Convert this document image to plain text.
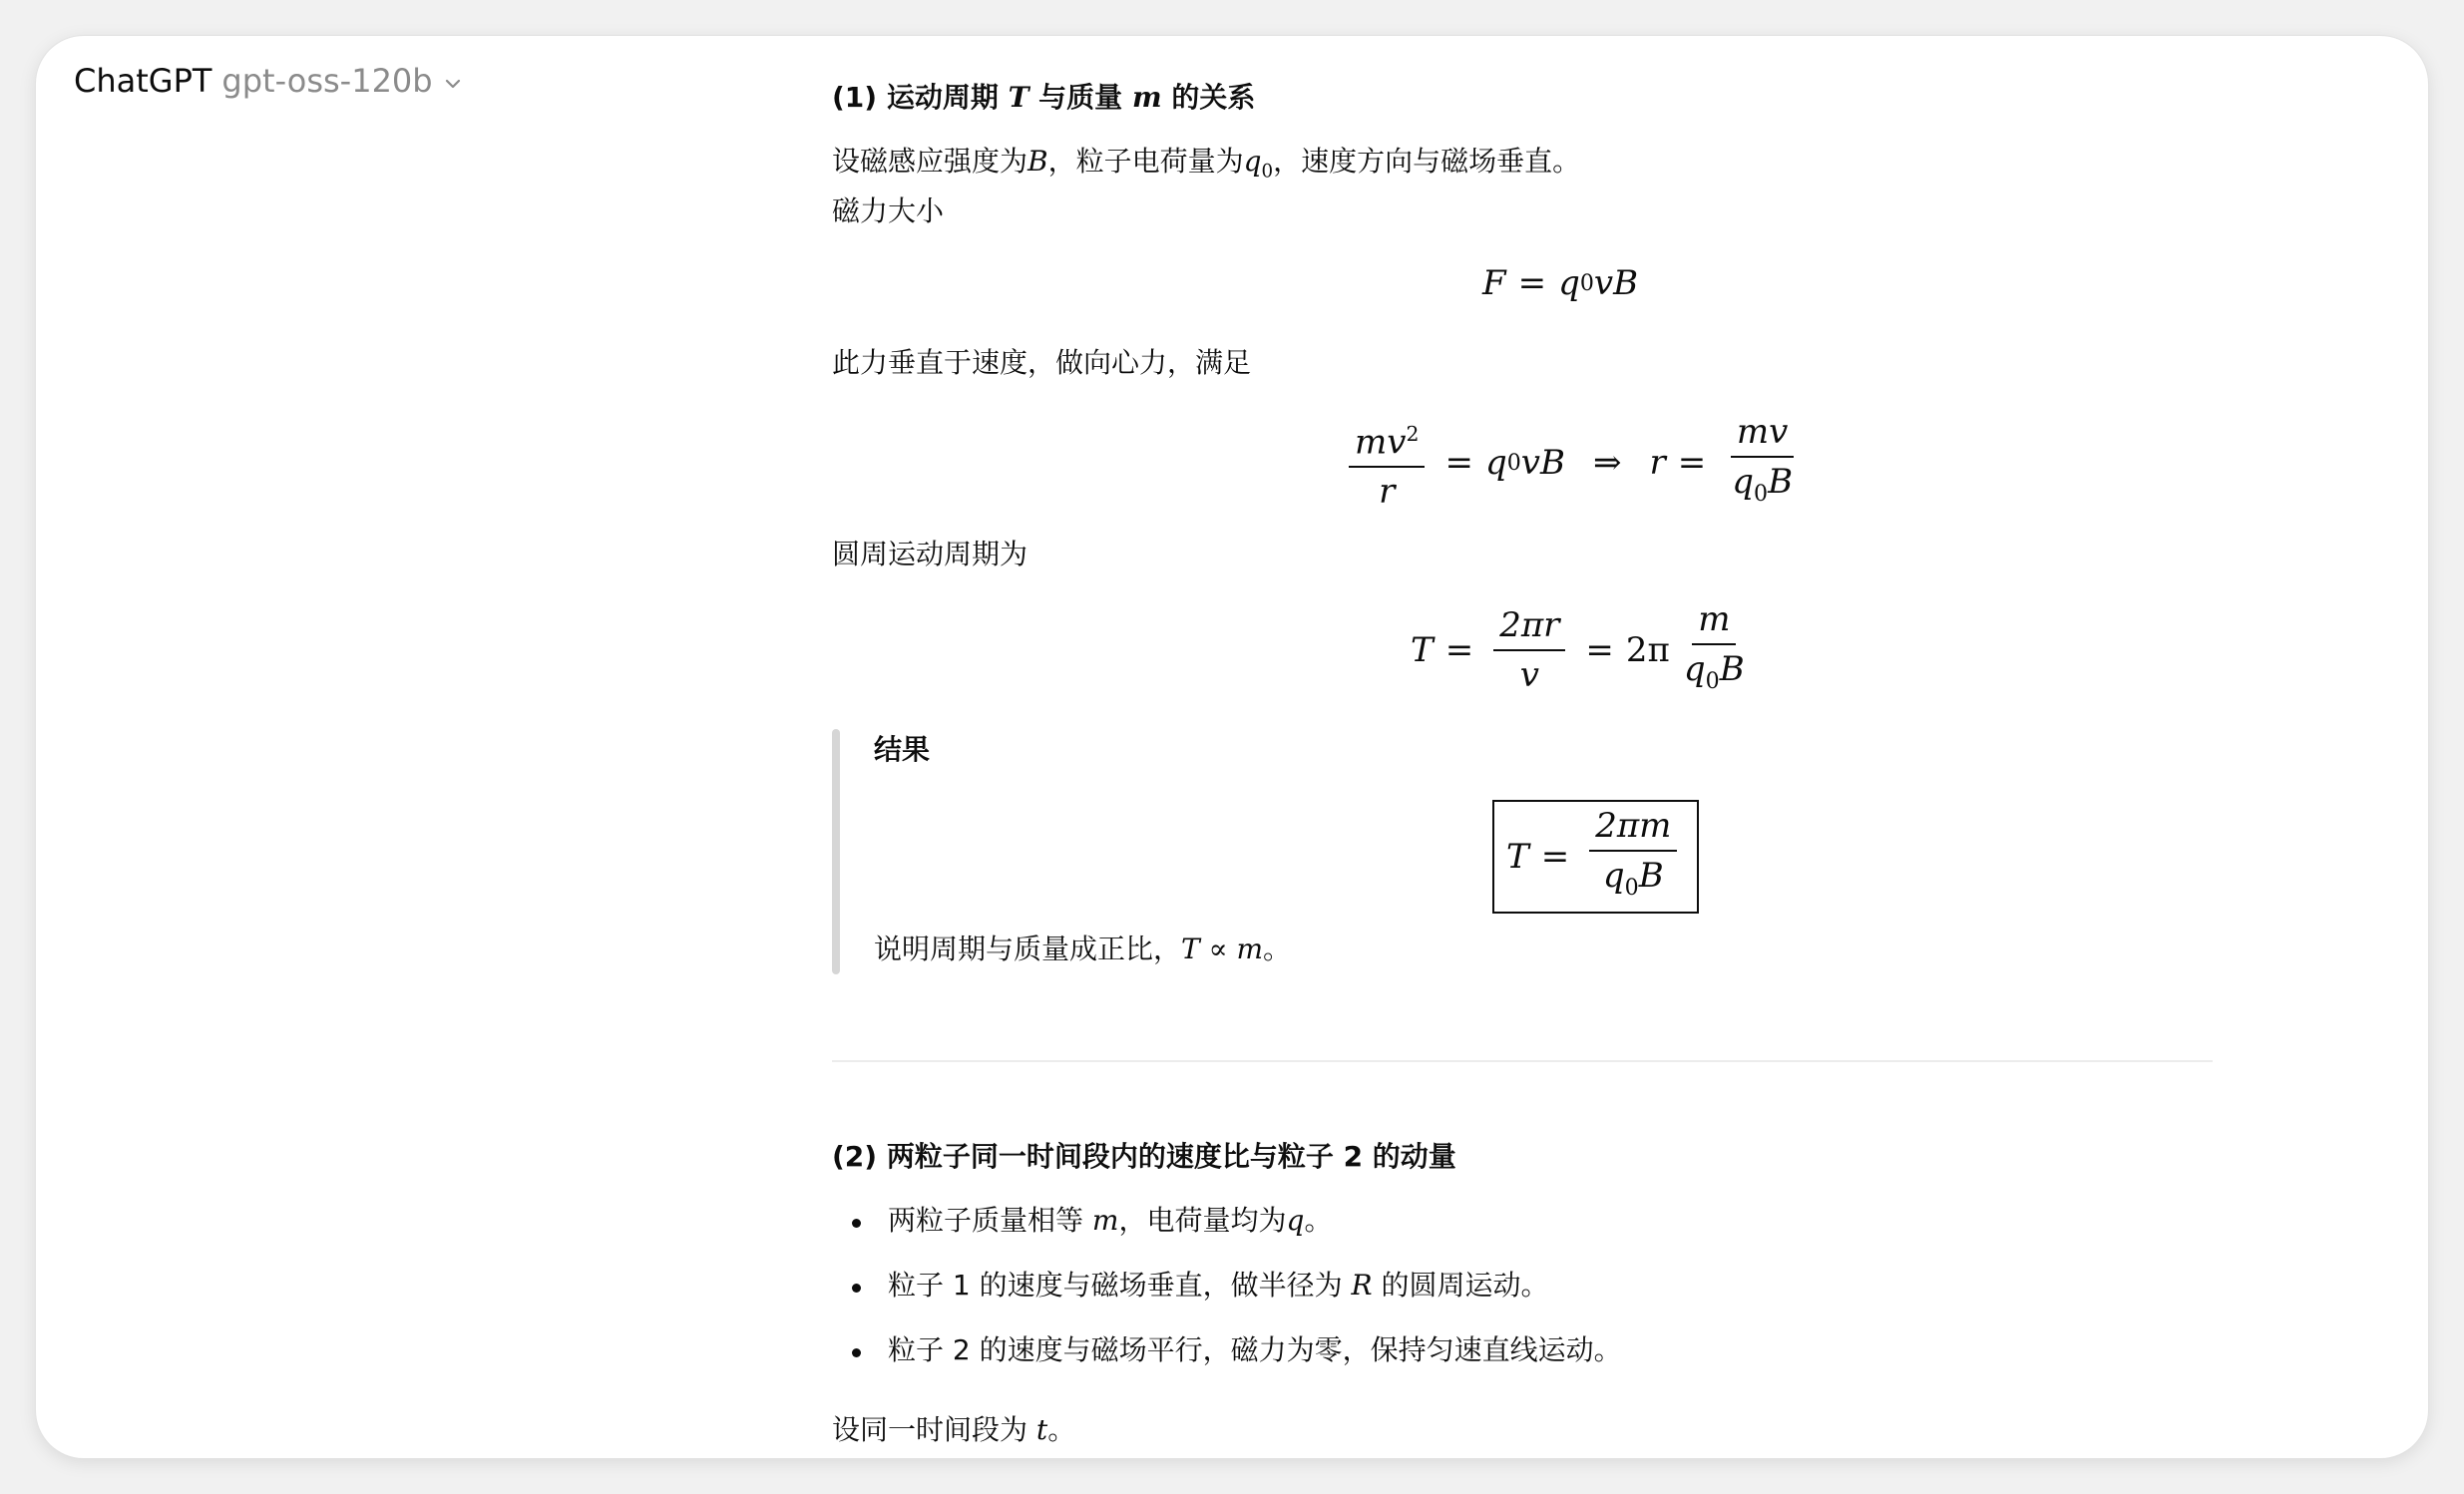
ChatGPT gpt-oss-120b	(1) 运动周期 T 与质量 m 的关系
设磁感应强度为B，粒子电荷量为$q_0$，速度方向与磁场垂直。
磁力大小
F = q 0 vB
此力垂直于速度，做向心力，满足
$\frac{mv^2}{r} = q$ 0 vB ⇒ $r = \frac{mv}{q_0B}$
圆周运动周期为
$T = \frac{2\pi r}{v} = 2\pi \frac{m}{q_0B}$
结果
$T = \frac{2\pi m}{q_0B}$
说明周期与质量成正比，T ∝ m。
(2) 两粒子同一时间段内的速度比与粒子 2 的动量
两粒子质量相等 m，电荷量均为q。
粒子 1 的速度与磁场垂直，做半径为 R 的圆周运动。
粒子 2 的速度与磁场平行，磁力为零，保持匀速直线运动。
设同一时间段为 t。
